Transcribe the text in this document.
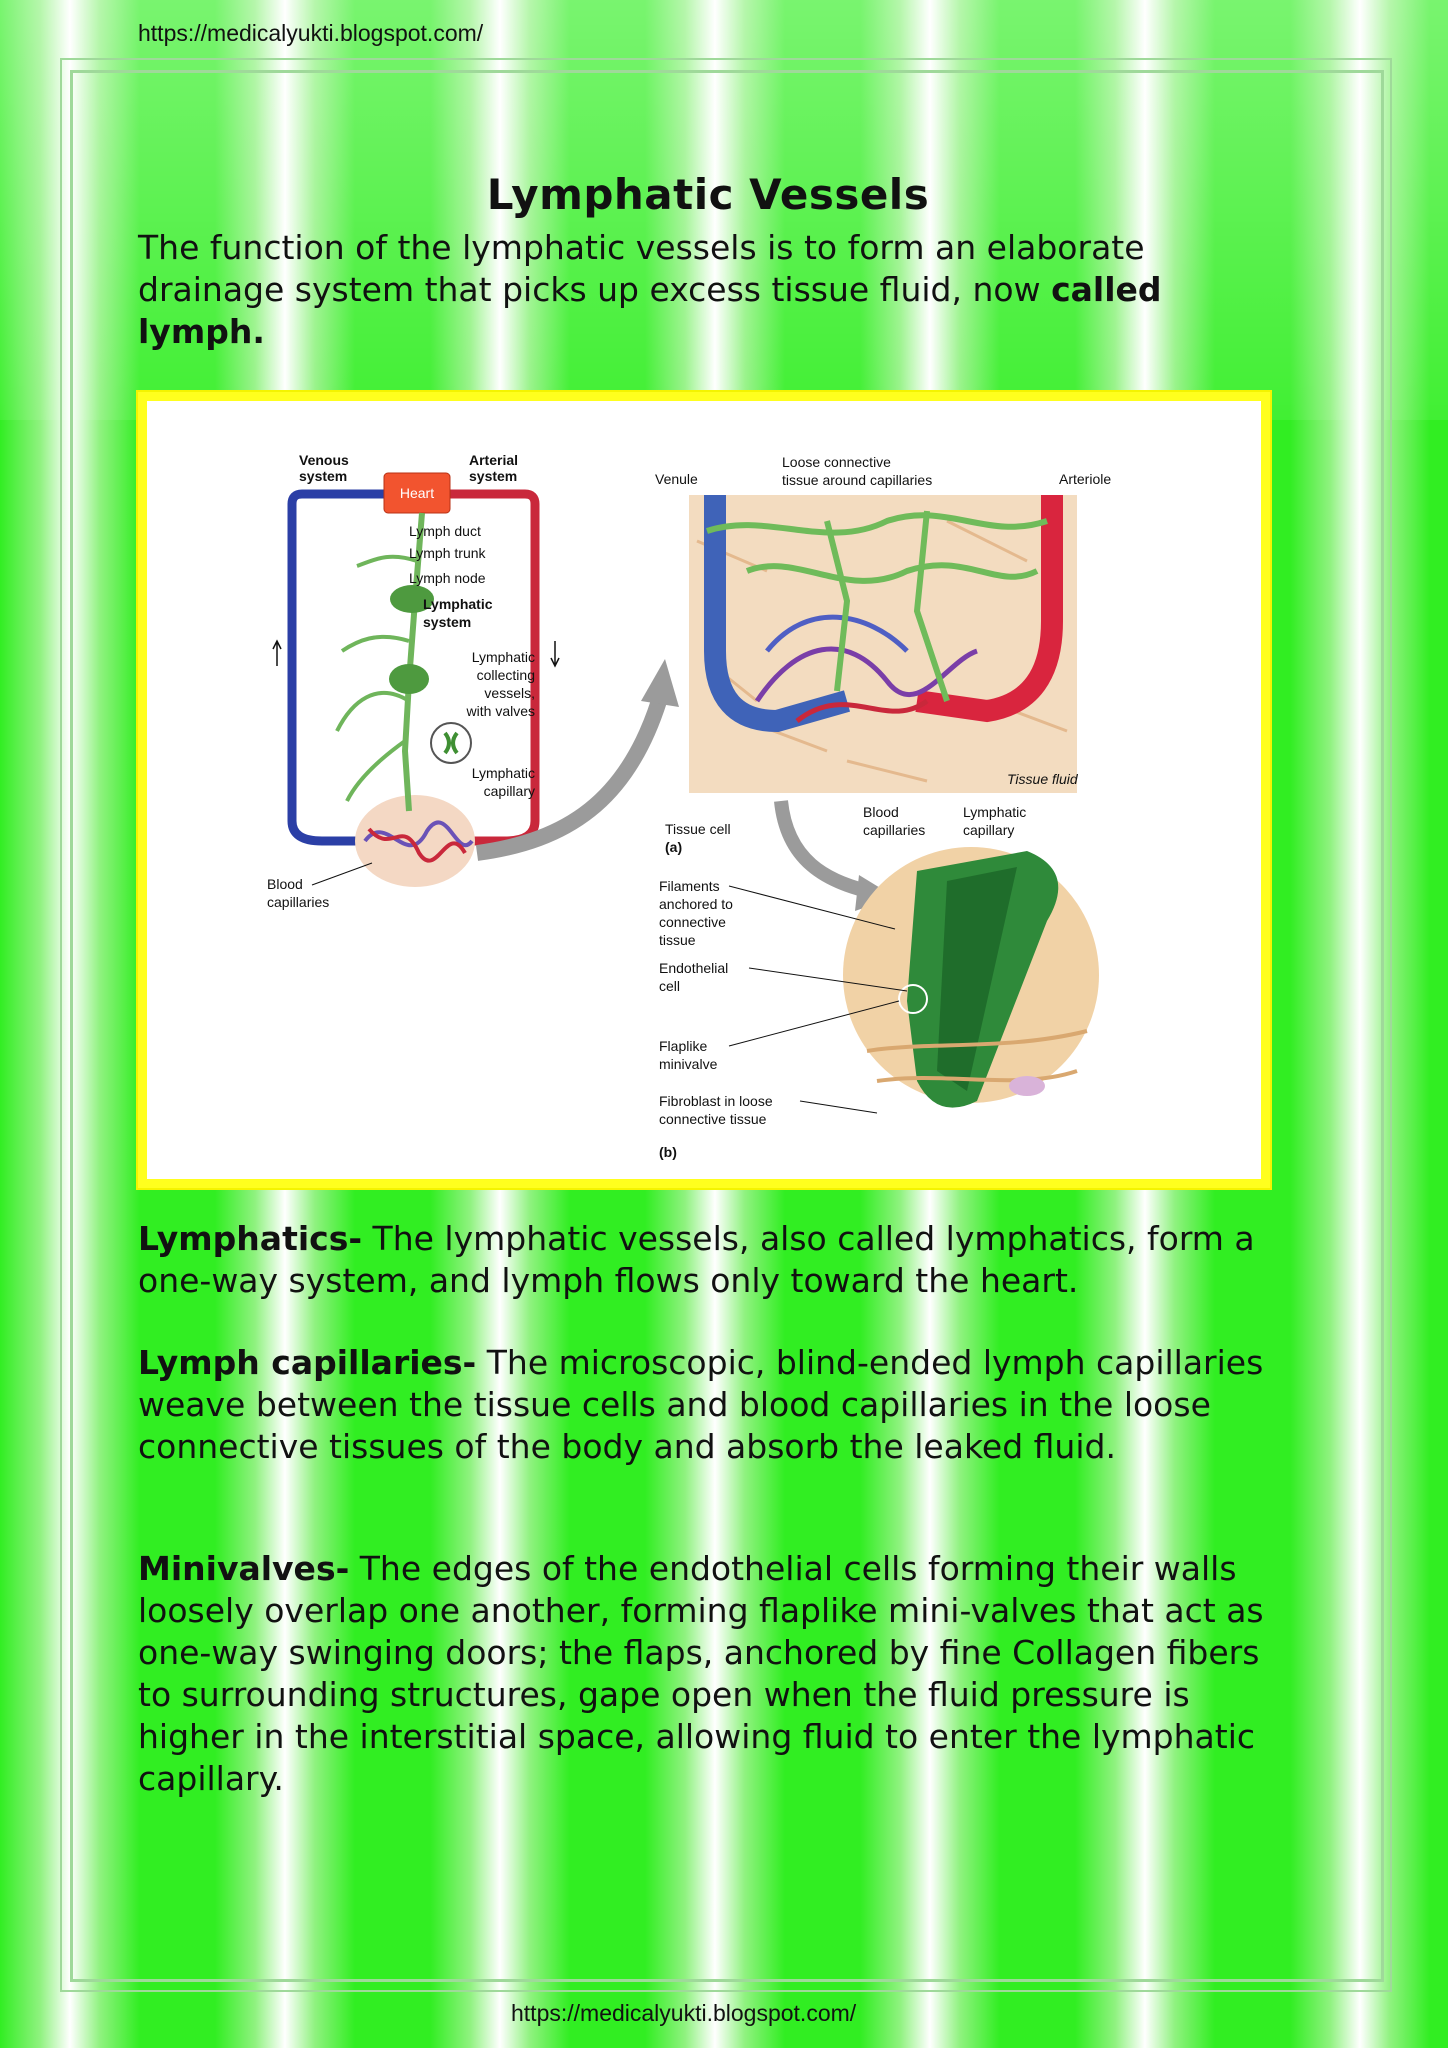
https://medicalyukti.blogspot.com/
Lymphatic Vessels

The function of the lymphatic vessels is to form an elaborate drainage system that picks up excess tissue fluid, now called lymph.

Heart
Venous
system
Arterial
system
Lymph duct
Lymph trunk
Lymph node
Lymphatic
system
Lymphatic
collecting
vessels,
with valves
Lymphatic
capillary
Blood
capillaries
Venule
Loose connective
tissue around capillaries	Arteriole
Tissue fluid
Tissue cell
(a)
Blood
capillaries
Lymphatic
capillary
Filaments
anchored to
connective
tissue
Endothelial
cell
Flaplike
minivalve
Fibroblast in loose
connective tissue
(b)

Lymphatics- The lymphatic vessels, also called lymphatics, form a one-way system, and lymph flows only toward the heart.

Lymph capillaries- The microscopic, blind-ended lymph capillaries weave between the tissue cells and blood capillaries in the loose connective tissues of the body and absorb the leaked fluid.

Minivalves- The edges of the endothelial cells forming their walls loosely overlap one another, forming flaplike mini-valves that act as one-way swinging doors; the flaps, anchored by fine Collagen fibers to surrounding structures, gape open when the fluid pressure is higher in the interstitial space, allowing fluid to enter the lymphatic capillary.

https://medicalyukti.blogspot.com/
